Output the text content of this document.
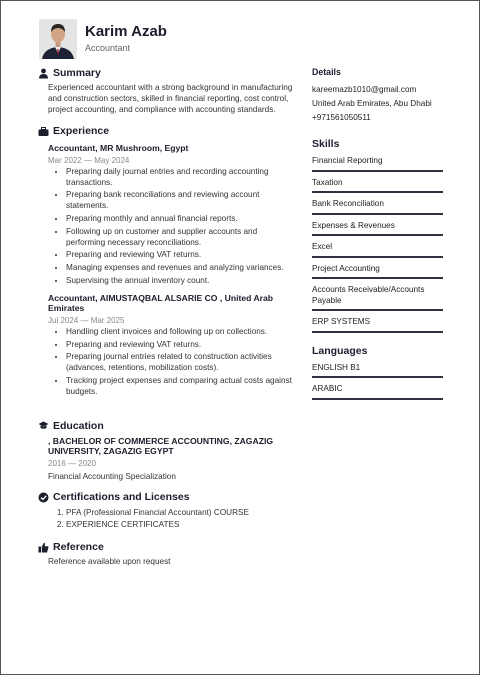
Karim Azab
Accountant
Summary

Experienced accountant with a strong background in manufacturing and construction sectors, skilled in financial reporting, cost control, project accounting, and compliance with accounting standards.

Experience
Accountant, MR Mushroom, Egypt
Mar 2022 — May 2024
• Preparing daily journal entries and recording accounting transactions.
• Preparing bank reconciliations and reviewing account statements.
• Preparing monthly and annual financial reports.
• Following up on customer and supplier accounts and performing necessary reconciliations.
• Preparing and reviewing VAT returns.
• Managing expenses and revenues and analyzing variances.
• Supervising the annual inventory count.
Accountant, AIMUSTAQBAL ALSARIE CO , United Arab Emirates
Jul 2024 — Mar 2025
• Handling client invoices and following up on collections.
• Preparing and reviewing VAT returns.
• Preparing journal entries related to construction activities (advances, retentions, mobilization costs).
• Tracking project expenses and comparing actual costs against budgets.
Education
, BACHELOR OF COMMERCE ACCOUNTING, ZAGAZIG UNIVERSITY, ZAGAZIG EGYPT
2016 — 2020

Financial Accounting Specialization

Certifications and Licenses
1. PFA (Professional Financial Accountant) COURSE
2. EXPERIENCE CERTIFICATES
Reference

Reference available upon request

Details
kareemazb1010@gmail.com
United Arab Emirates, Abu Dhabi
+971561050511
Skills
Financial Reporting
Taxation
Bank Reconciliation
Expenses & Revenues
Excel
Project Accounting
Accounts Receivable/Accounts Payable
ERP SYSTEMS
Languages
ENGLISH B1
ARABIC
